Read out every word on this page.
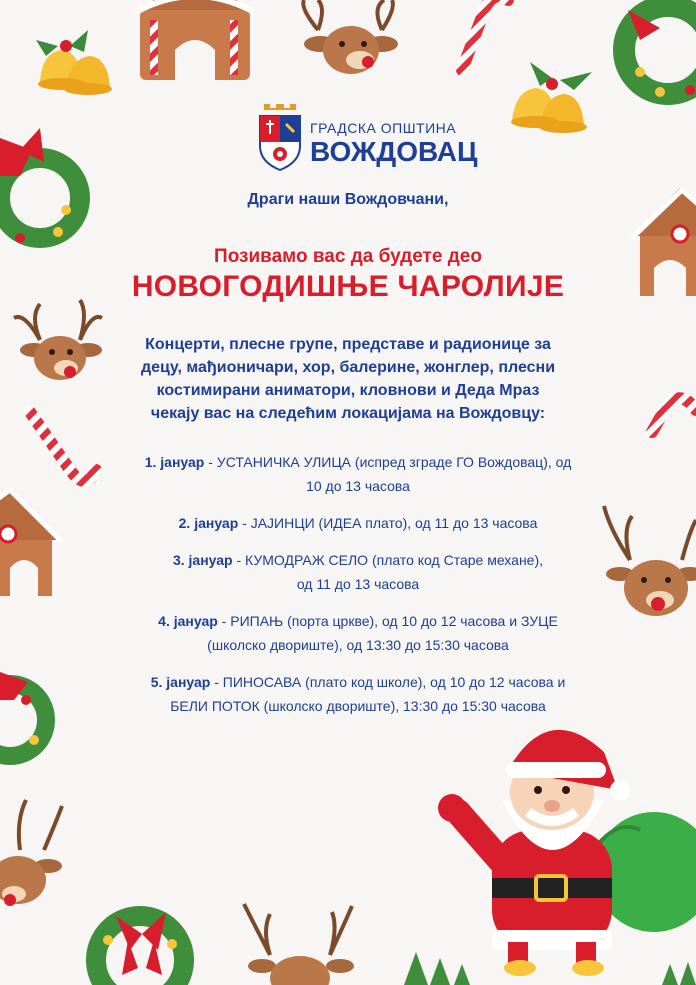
ГРАДСКА ОПШТИНА
ВОЖДОВАЦ
Драги наши Вождовчани,
Позивамо вас да будете део
НОВОГОДИШЊЕ ЧАРОЛИЈЕ
Концерти, плесне групе, представе и радионице за
децу, мађионичари, хор, балерине, жонглер, плесни
костимирани аниматори, кловнови и Деда Мраз
чекају вас на следећим локацијама на Вождовцу:
1. јануар - УСТАНИЧКА УЛИЦА (испред зграде ГО Вождовац), од
10 до 13 часова
2. јануар - ЈАЈИНЦИ (ИДЕА плато), од 11 до 13 часова
3. јануар - КУМОДРАЖ СЕЛО (плато код Старе механе),
од 11 до 13 часова
4. јануар - РИПАЊ (порта цркве), од 10 до 12 часова и ЗУЦЕ
(школско двориште), од 13:30 до 15:30 часова
5. јануар - ПИНОСАВА (плато код школе), од 10 до 12 часова и
БЕЛИ ПОТОК (школско двориште), 13:30 до 15:30 часова
